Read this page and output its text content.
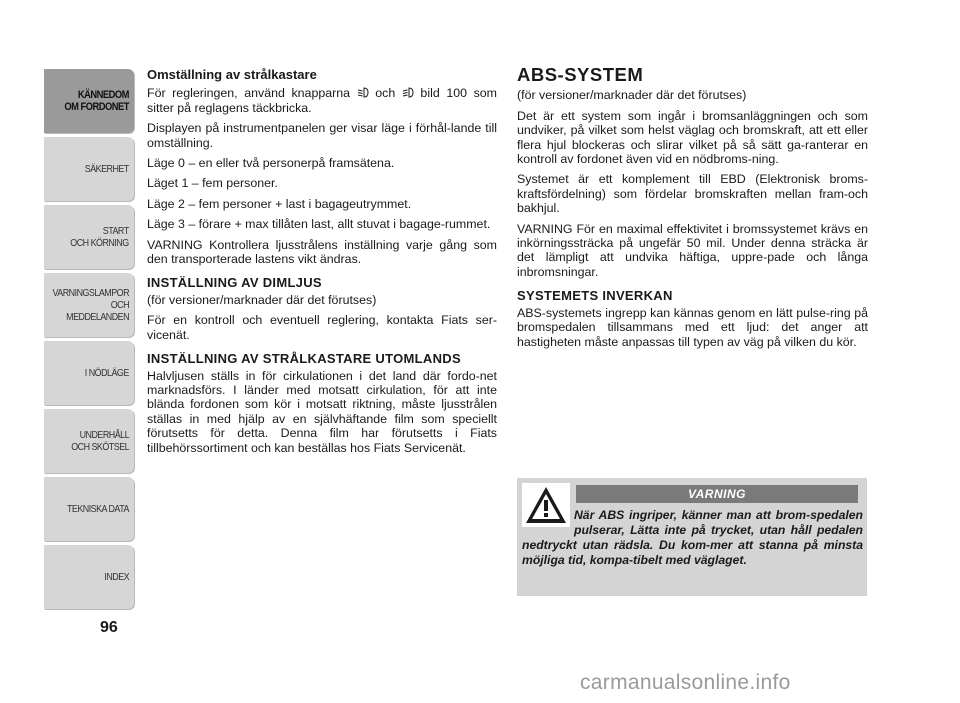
KÄNNEDOM
OM FORDONET
SÄKERHET
START
OCH KÖRNING
VARNINGSLAMPOR
OCH
MEDDELANDEN
I NÖDLÄGE
UNDERHÅLL
OCH SKÖTSEL
TEKNISKA DATA
INDEX
96
Omställning av strålkastare

För regleringen, använd knapparna  och  bild 100 som sitter på reglagens täckbricka.

Displayen på instrumentpanelen ger visar läge i förhål-lande till omställning.

Läge 0 – en eller två personerpå framsätena.

Läget 1 – fem personer.

Läge 2 – fem personer + last i bagageutrymmet.

Läge 3 – förare + max tillåten last, allt stuvat i bagage-rummet.

VARNING Kontrollera ljusstrålens inställning varje gång som den transporterade lastens vikt ändras.

INSTÄLLNING AV DIMLJUS

(för versioner/marknader där det förutses)

För en kontroll och eventuell reglering, kontakta Fiats ser-vicenät.

INSTÄLLNING AV STRÅLKASTARE UTOMLANDS

Halvljusen ställs in för cirkulationen i det land där fordo-net marknadsförs. I länder med motsatt cirkulation, för att inte blända fordonen som kör i motsatt riktning, måste ljusstrålen ställas in med hjälp av en självhäftande film som speciellt förutsetts för detta. Denna film har förutsetts i Fiats tillbehörssortiment och kan beställas hos Fiats Servicenät.

ABS-SYSTEM

(för versioner/marknader där det förutses)

Det är ett system som ingår i bromsanläggningen och som undviker, på vilket som helst väglag och bromskraft, att ett eller flera hjul blockeras och slirar vilket på så sätt ga-ranterar en kontroll av fordonet även vid en nödbroms-ning.

Systemet är ett komplement till EBD (Elektronisk broms-kraftsfördelning) som fördelar bromskraften mellan fram-och bakhjul.

VARNING För en maximal effektivitet i bromssystemet krävs en inkörningssträcka på ungefär 50 mil. Under denna sträcka är det lämpligt att undvika häftiga, uppre-pade och långa inbromsningar.

SYSTEMETS INVERKAN

ABS-systemets ingrepp kan kännas genom en lätt pulse-ring på bromspedalen tillsammans med ett ljud: det anger att hastigheten måste anpassas till typen av väg på vilken du kör.

VARNING
När ABS ingriper, känner man att brom-spedalen pulserar, Lätta inte på trycket, utan håll pedalen nedtryckt utan rädsla. Du kom-mer att stanna på minsta möjliga tid, kompa-tibelt med väglaget.
carmanualsonline.info
